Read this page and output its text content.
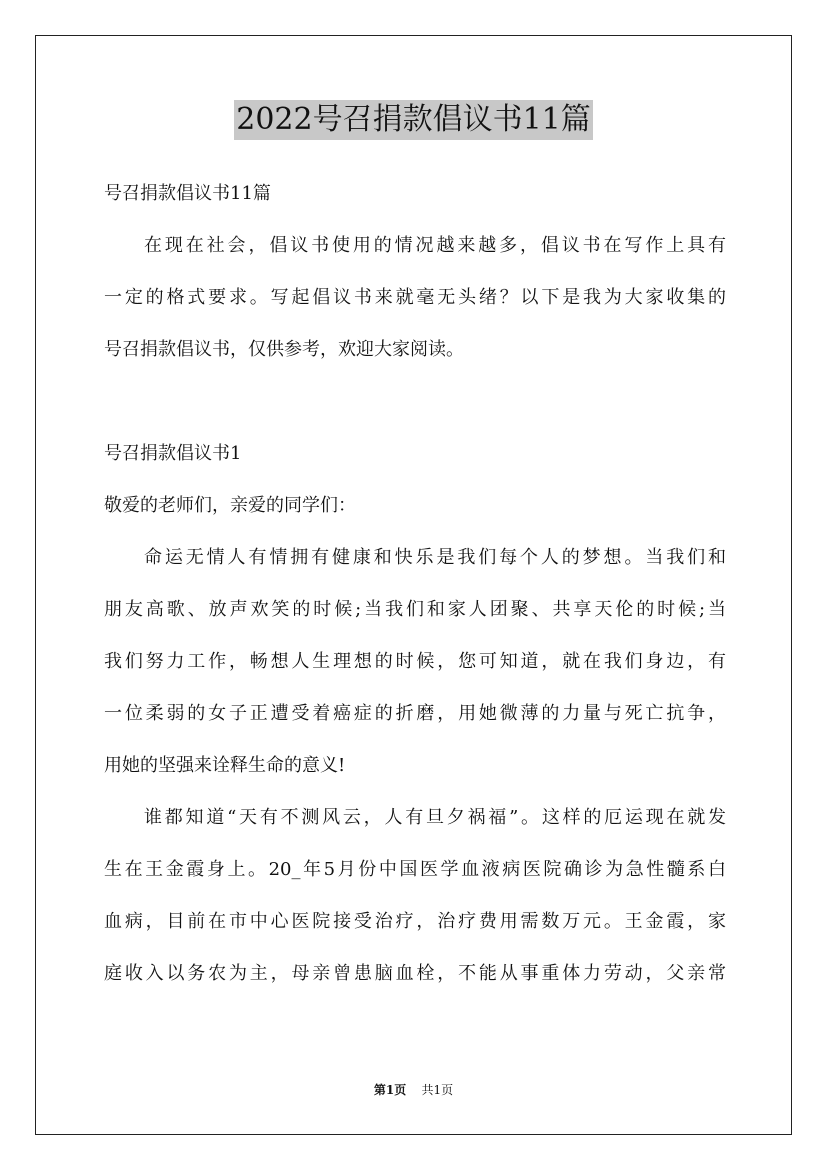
2022号召捐款倡议书11篇

号召捐款倡议书11篇

在现在社会，倡议书使用的情况越来越多，倡议书在写作上具有

一定的格式要求。写起倡议书来就毫无头绪？以下是我为大家收集的

号召捐款倡议书，仅供参考，欢迎大家阅读。

号召捐款倡议书1

敬爱的老师们，亲爱的同学们：

命运无情人有情拥有健康和快乐是我们每个人的梦想。当我们和

朋友高歌、放声欢笑的时候;当我们和家人团聚、共享天伦的时候;当

我们努力工作，畅想人生理想的时候，您可知道，就在我们身边，有

一位柔弱的女子正遭受着癌症的折磨，用她微薄的力量与死亡抗争，

用她的坚强来诠释生命的意义!

谁都知道“天有不测风云，人有旦夕祸福”。这样的厄运现在就发

生在王金霞身上。20_年5月份中国医学血液病医院确诊为急性髓系白

血病，目前在市中心医院接受治疗，治疗费用需数万元。王金霞，家

庭收入以务农为主，母亲曾患脑血栓，不能从事重体力劳动，父亲常

第1页 共1页
